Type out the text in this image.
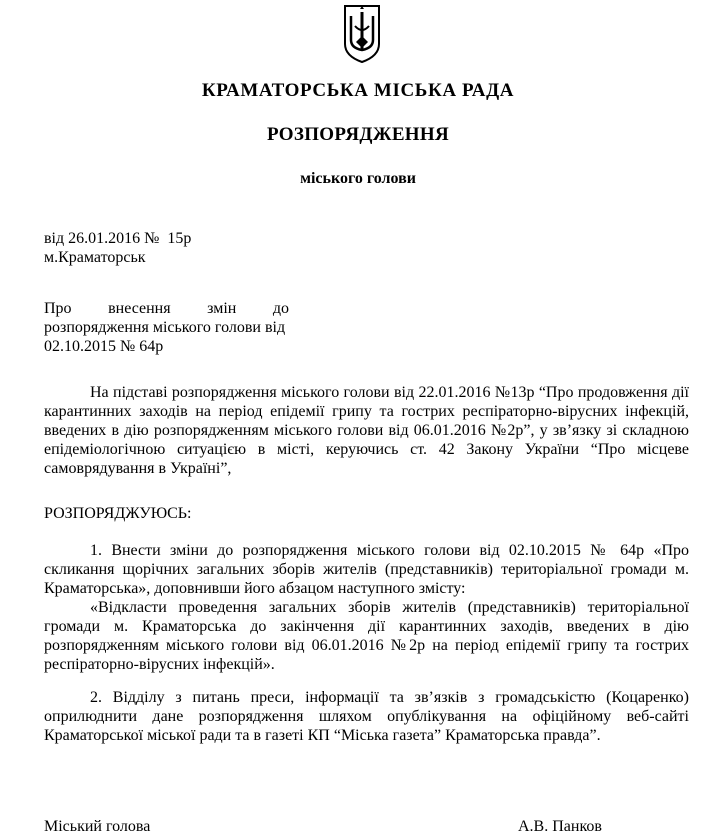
КРАМАТОРСЬКА МІСЬКА РАДА
РОЗПОРЯДЖЕННЯ
міського голови
від 26.01.2016 №  15р
м.Краматорськ
Про внесення змін до
розпорядження міського голови від
02.10.2015 № 64р

На підставі розпорядження міського голови від 22.01.2016 №13р “Про продовження дії карантинних заходів на період епідемії грипу та гострих респіраторно-вірусних інфекцій, введених в дію розпорядженням міського голови від 06.01.2016 №2р”, у зв’язку зі складною епідеміологічною ситуацією в місті, керуючись ст. 42 Закону України “Про місцеве самоврядування в Україні”,

РОЗПОРЯДЖУЮСЬ:

1. Внести зміни до розпорядження міського голови від 02.10.2015 № 64р «Про скликання щорічних загальних зборів жителів (представників) територіальної громади м. Краматорська», доповнивши його абзацом наступного змісту:

«Відкласти проведення загальних зборів жителів (представників) територіальної громади м. Краматорська до закінчення дії карантинних заходів, введених в дію розпорядженням міського голови від 06.01.2016 №2р на період епідемії грипу та гострих респіраторно-вірусних інфекцій».

2. Відділу з питань преси, інформації та зв’язків з громадськістю (Коцаренко) оприлюднити дане розпорядження шляхом опублікування на офіційному веб-сайті Краматорської міської ради та в газеті КП “Міська газета” Краматорська правда”.

Міський голова	А.В. Панков
